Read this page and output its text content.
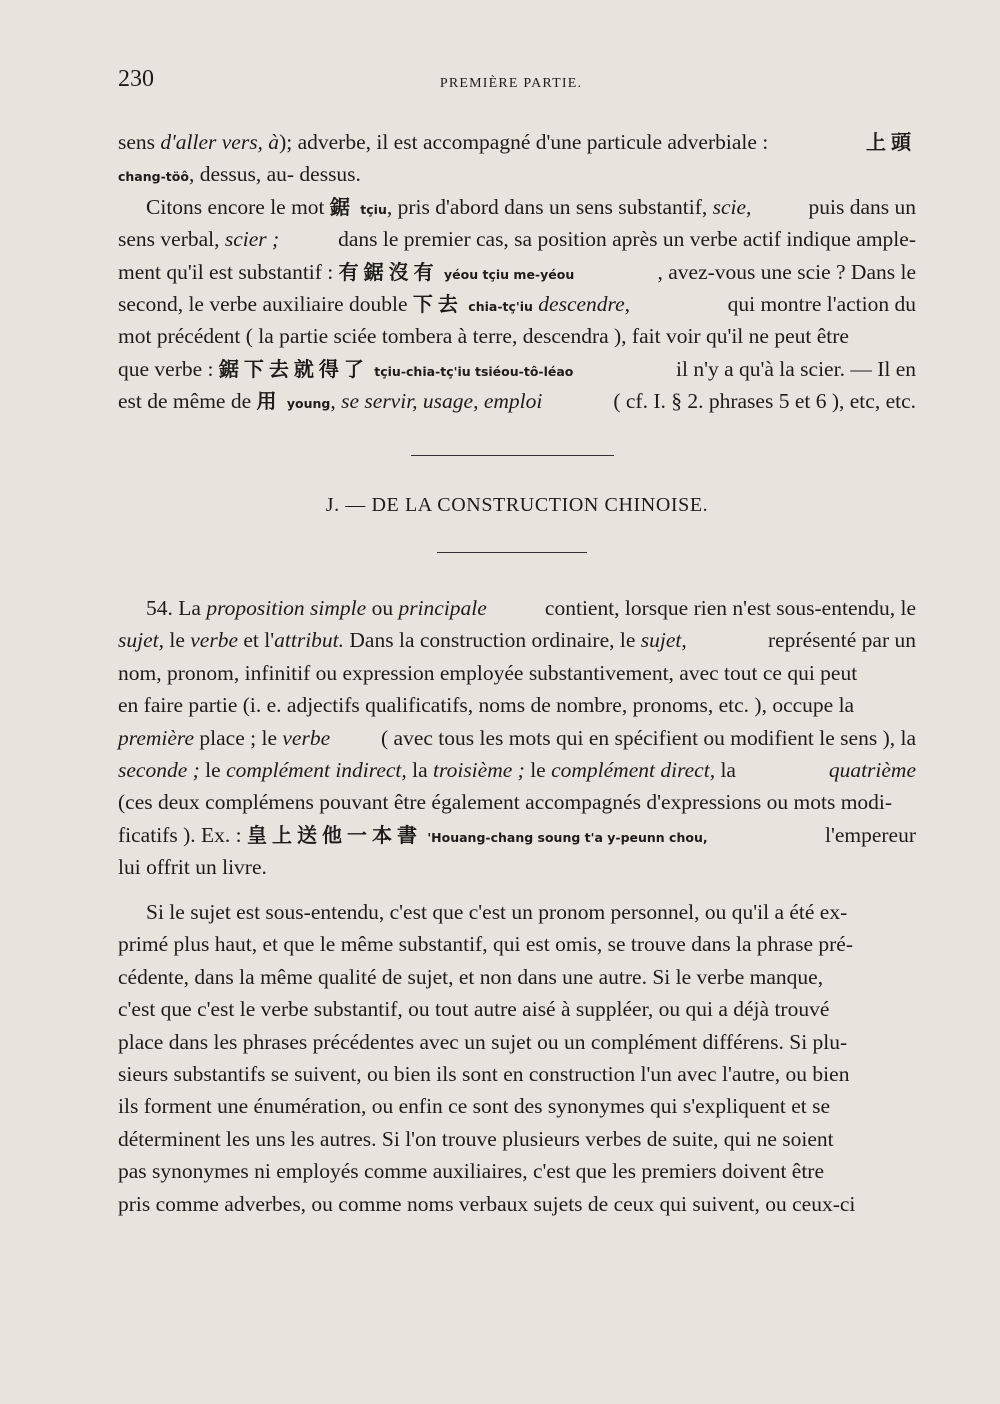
230	PREMIÈRE PARTIE.
sens d'aller vers, à); adverbe, il est accompagné d'une particule adverbiale :	上頭
chang-töô, dessus, au- dessus.
Citons encore le mot 鋸 tçiu, pris d'abord dans un sens substantif, scie,	puis dans un
sens verbal, scier ;	dans le premier cas, sa position après un verbe actif indique ample-
ment qu'il est substantif : 有鋸沒有 yéou tçiu me-yéou	, avez-vous une scie ? Dans le
second, le verbe auxiliaire double 下去 chia-tç'iu descendre,	qui montre l'action du
mot précédent ( la partie sciée tombera à terre, descendra ), fait voir qu'il ne peut être
que verbe : 鋸下去就得了 tçiu-chia-tç'iu tsiéou-tô-léao	il n'y a qu'à la scier. — Il en
est de même de 用 young, se servir, usage, emploi	( cf. I. § 2. phrases 5 et 6 ), etc, etc.
J. — DE LA CONSTRUCTION CHINOISE.
54. La proposition simple ou principale	contient, lorsque rien n'est sous-entendu, le
sujet, le verbe et l'attribut. Dans la construction ordinaire, le sujet,	représenté par un
nom, pronom, infinitif ou expression employée substantivement, avec tout ce qui peut
en faire partie (i. e. adjectifs qualificatifs, noms de nombre, pronoms, etc. ), occupe la
première place ; le verbe ( avec tous les mots qui en spécifient ou modifient le sens ), la
seconde ; le complément indirect, la troisième ; le complément direct, la	quatrième
(ces deux complémens pouvant être également accompagnés d'expressions ou mots modi-
ficatifs ). Ex. : 皇上送他一本書 'Houang-chang soung t'a y-peunn chou,	l'empereur
lui offrit un livre.
Si le sujet est sous-entendu, c'est que c'est un pronom personnel, ou qu'il a été ex-
primé plus haut, et que le même substantif, qui est omis, se trouve dans la phrase pré-
cédente, dans la même qualité de sujet, et non dans une autre. Si le verbe manque,
c'est que c'est le verbe substantif, ou tout autre aisé à suppléer, ou qui a déjà trouvé
place dans les phrases précédentes avec un sujet ou un complément différens. Si plu-
sieurs substantifs se suivent, ou bien ils sont en construction l'un avec l'autre, ou bien
ils forment une énumération, ou enfin ce sont des synonymes qui s'expliquent et se
déterminent les uns les autres. Si l'on trouve plusieurs verbes de suite, qui ne soient
pas synonymes ni employés comme auxiliaires, c'est que les premiers doivent être
pris comme adverbes, ou comme noms verbaux sujets de ceux qui suivent, ou ceux-ci
